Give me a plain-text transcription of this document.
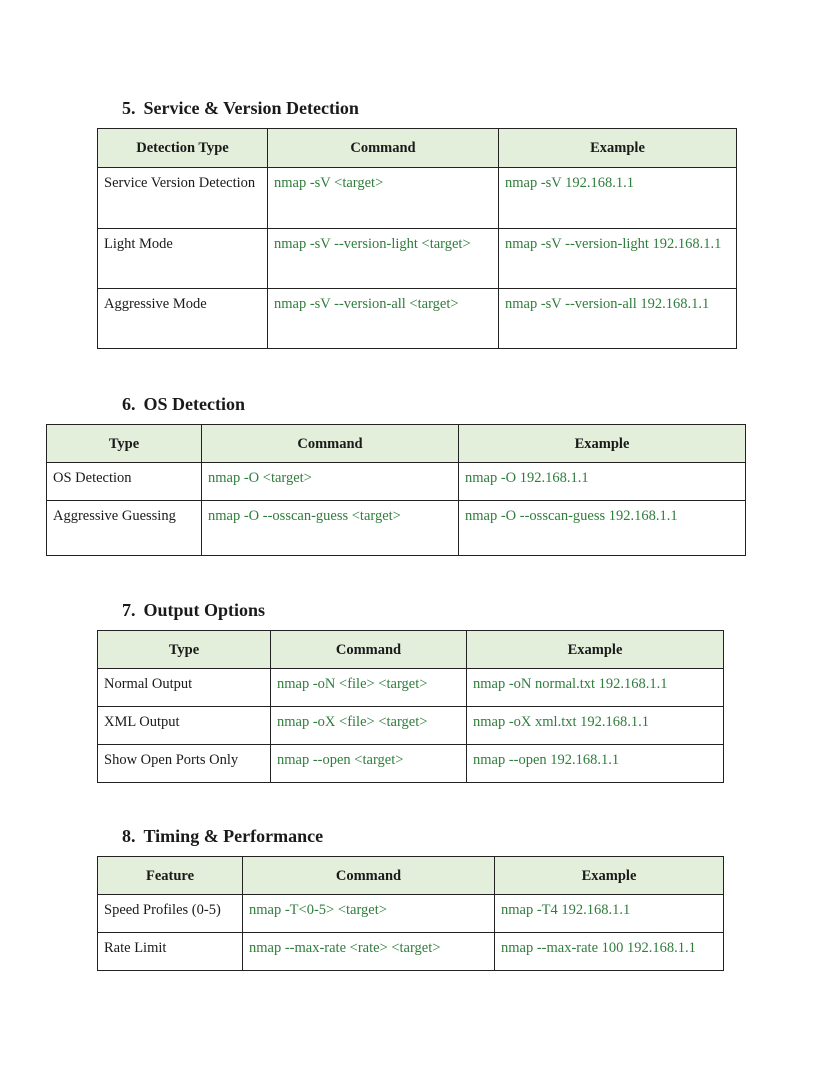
5. Service & Version Detection
Detection Type	Command	Example
Service Version Detection	nmap -sV <target>	nmap -sV 192.168.1.1
Light Mode	nmap -sV --version-light <target>	nmap -sV --version-light 192.168.1.1
Aggressive Mode	nmap -sV --version-all <target>	nmap -sV --version-all 192.168.1.1
6. OS Detection
Type	Command	Example
OS Detection	nmap -O <target>	nmap -O 192.168.1.1
Aggressive Guessing	nmap -O --osscan-guess <target>	nmap -O --osscan-guess 192.168.1.1
7. Output Options
Type	Command	Example
Normal Output	nmap -oN <file> <target>	nmap -oN normal.txt 192.168.1.1
XML Output	nmap -oX <file> <target>	nmap -oX xml.txt 192.168.1.1
Show Open Ports Only	nmap --open <target>	nmap --open 192.168.1.1
8. Timing & Performance
Feature	Command	Example
Speed Profiles (0-5)	nmap -T<0-5> <target>	nmap -T4 192.168.1.1
Rate Limit	nmap --max-rate <rate> <target>	nmap --max-rate 100 192.168.1.1
